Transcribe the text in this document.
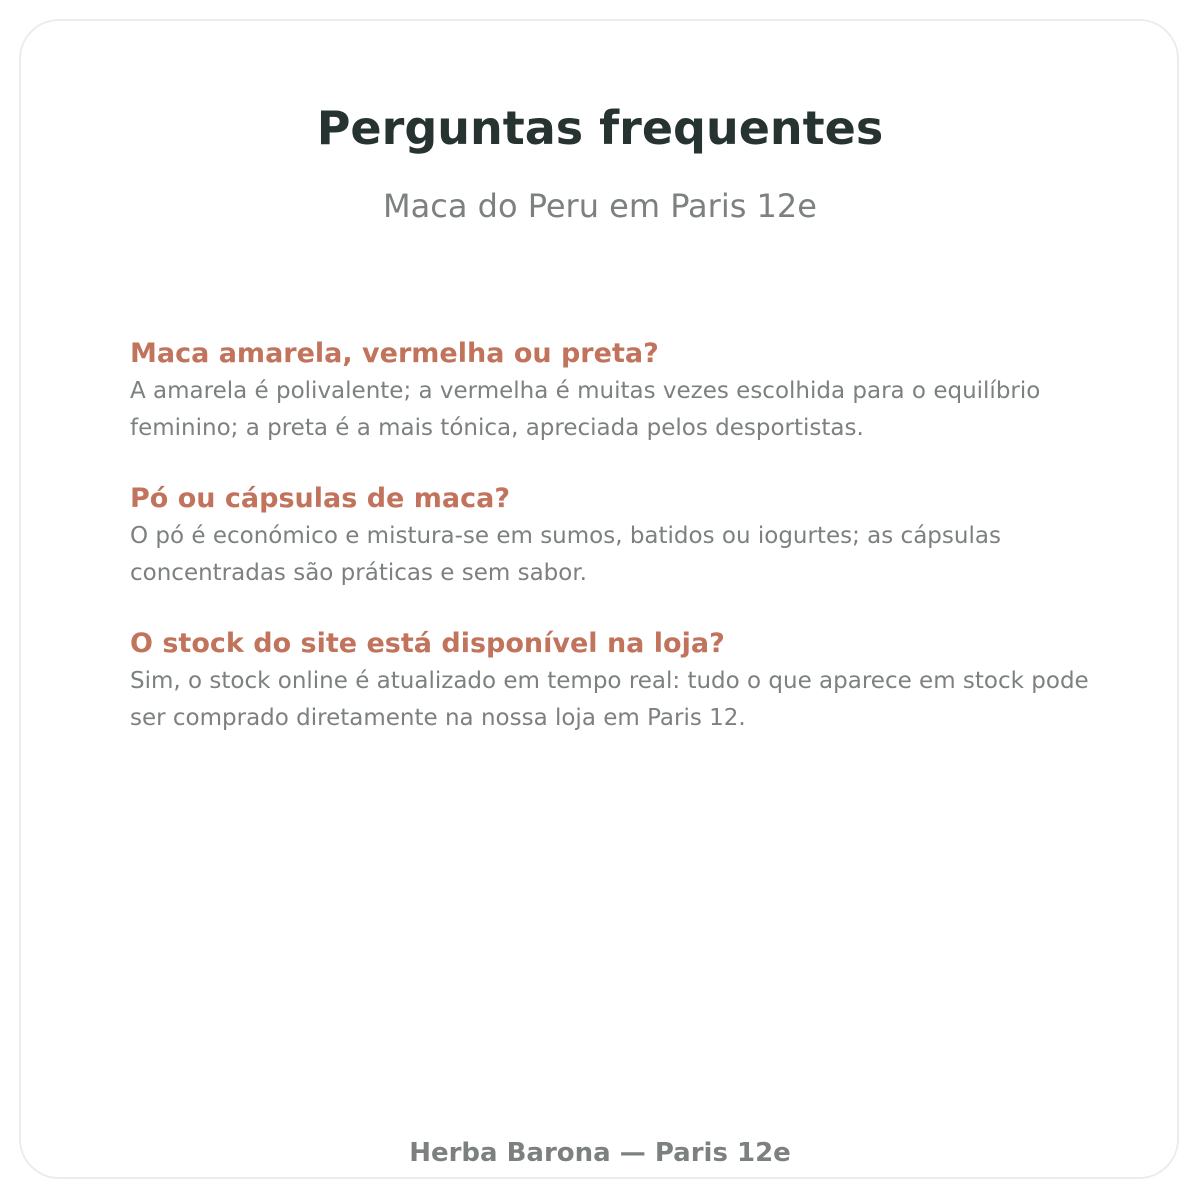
Perguntas frequentes

Maca do Peru em Paris 12e

Maca amarela, vermelha ou preta?

A amarela é polivalente; a vermelha é muitas vezes escolhida para o equilíbrio feminino; a preta é a mais tónica, apreciada pelos desportistas.

Pó ou cápsulas de maca?

O pó é económico e mistura-se em sumos, batidos ou iogurtes; as cápsulas concentradas são práticas e sem sabor.

O stock do site está disponível na loja?

Sim, o stock online é atualizado em tempo real: tudo o que aparece em stock pode ser comprado diretamente na nossa loja em Paris 12.

Herba Barona — Paris 12e
